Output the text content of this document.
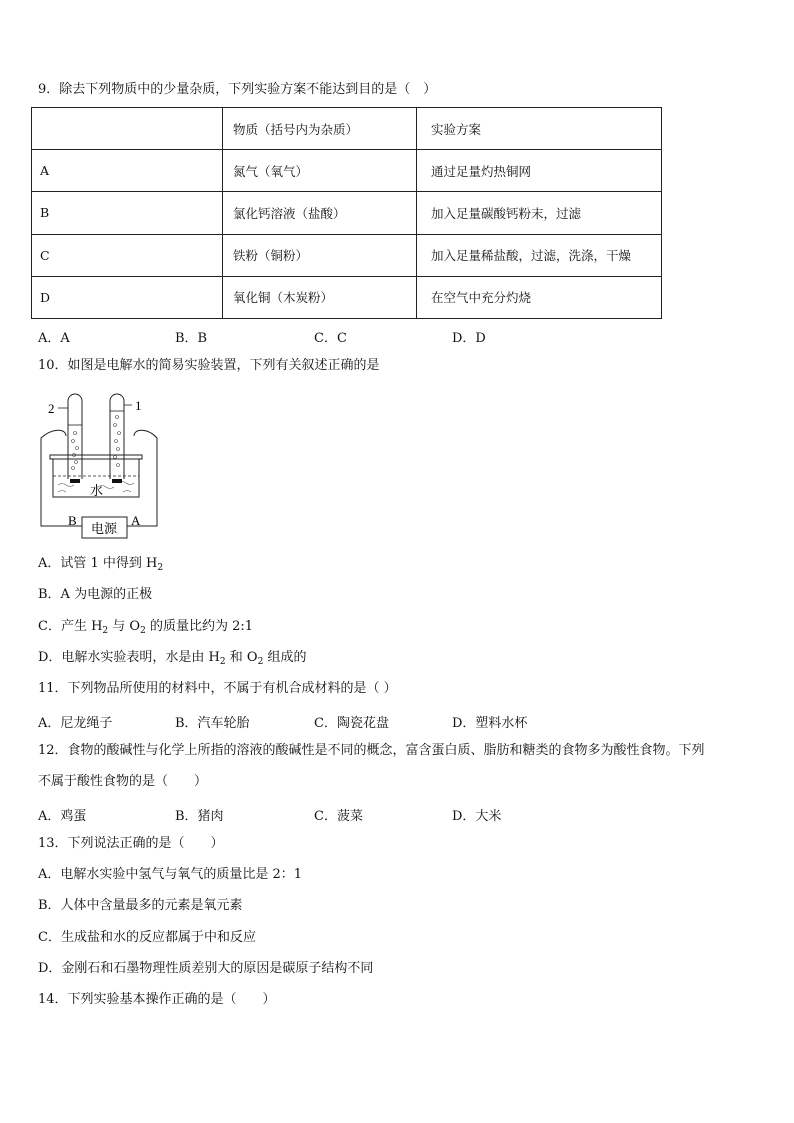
9．除去下列物质中的少量杂质，下列实验方案不能达到目的是（　）
	物质（括号内为杂质）	实验方案
A	氮气（氧气）	通过足量灼热铜网
B	氯化钙溶液（盐酸）	加入足量碳酸钙粉末，过滤
C	铁粉（铜粉）	加入足量稀盐酸，过滤，洗涤，干燥
D	氧化铜（木炭粉）	在空气中充分灼烧
A．A	B．B	C．C	D．D
10．如图是电解水的简易实验装置，下列有关叙述正确的是
2	1
水
B	A
电源
A．试管 1 中得到 $H_2$
B．A 为电源的正极
C．产生 $H_2$ 与 $O_2$ 的质量比约为 2:1
D．电解水实验表明，水是由 $H_2$ 和 $O_2$ 组成的
11．下列物品所使用的材料中，不属于有机合成材料的是（ ）
A．尼龙绳子	B．汽车轮胎	C．陶瓷花盘	D．塑料水杯
12．食物的酸碱性与化学上所指的溶液的酸碱性是不同的概念，富含蛋白质、脂肪和糖类的食物多为酸性食物。下列
不属于酸性食物的是（　　）
A．鸡蛋	B．猪肉	C．菠菜	D．大米
13．下列说法正确的是（　　）
A．电解水实验中氢气与氧气的质量比是 2：1
B．人体中含量最多的元素是氧元素
C．生成盐和水的反应都属于中和反应
D．金刚石和石墨物理性质差别大的原因是碳原子结构不同
14．下列实验基本操作正确的是（　　）
